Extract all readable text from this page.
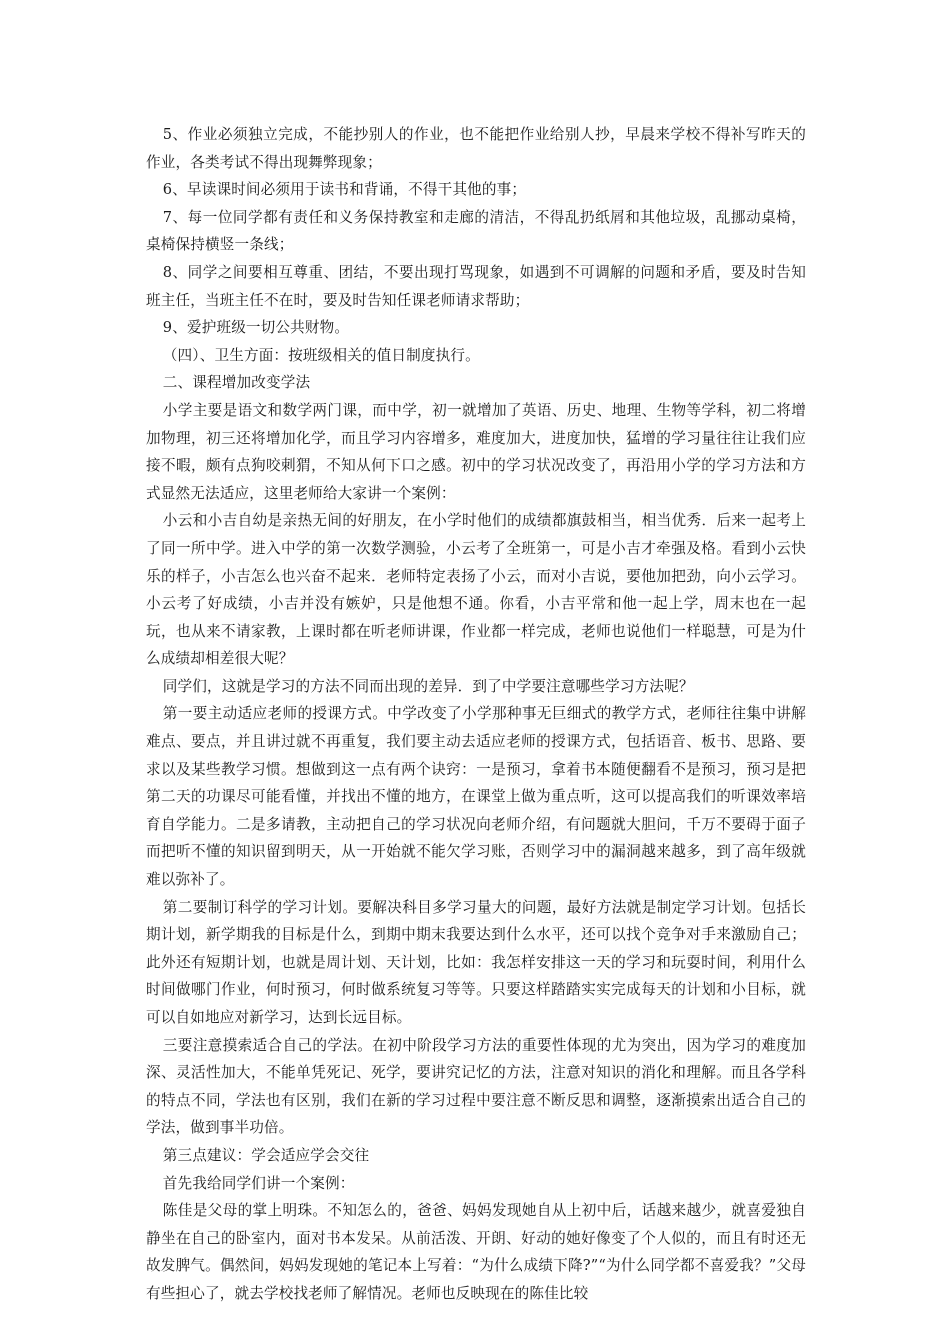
5、作业必须独立完成，不能抄别人的作业，也不能把作业给别人抄，早晨来学校不得补写昨天的作业，各类考试不得出现舞弊现象；

6、早读课时间必须用于读书和背诵，不得干其他的事；

7、每一位同学都有责任和义务保持教室和走廊的清洁，不得乱扔纸屑和其他垃圾，乱挪动桌椅，桌椅保持横竖一条线；

8、同学之间要相互尊重、团结，不要出现打骂现象，如遇到不可调解的问题和矛盾，要及时告知班主任，当班主任不在时，要及时告知任课老师请求帮助；

9、爱护班级一切公共财物。

（四）、卫生方面：按班级相关的值日制度执行。

二、课程增加改变学法

小学主要是语文和数学两门课，而中学，初一就增加了英语、历史、地理、生物等学科，初二将增加物理，初三还将增加化学，而且学习内容增多，难度加大，进度加快，猛增的学习量往往让我们应接不暇，颇有点狗咬刺猬，不知从何下口之感。初中的学习状况改变了，再沿用小学的学习方法和方式显然无法适应，这里老师给大家讲一个案例：

小云和小吉自幼是亲热无间的好朋友，在小学时他们的成绩都旗鼓相当，相当优秀．后来一起考上了同一所中学。进入中学的第一次数学测验，小云考了全班第一，可是小吉才牵强及格。看到小云快乐的样子，小吉怎么也兴奋不起来．老师特定表扬了小云，而对小吉说，要他加把劲，向小云学习。小云考了好成绩，小吉并没有嫉妒，只是他想不通。你看，小吉平常和他一起上学，周末也在一起玩，也从来不请家教，上课时都在听老师讲课，作业都一样完成，老师也说他们一样聪慧，可是为什么成绩却相差很大呢？

同学们，这就是学习的方法不同而出现的差异．到了中学要注意哪些学习方法呢？

第一要主动适应老师的授课方式。中学改变了小学那种事无巨细式的教学方式，老师往往集中讲解难点、要点，并且讲过就不再重复，我们要主动去适应老师的授课方式，包括语音、板书、思路、要求以及某些教学习惯。想做到这一点有两个诀窍：一是预习，拿着书本随便翻看不是预习，预习是把第二天的功课尽可能看懂，并找出不懂的地方，在课堂上做为重点听，这可以提高我们的听课效率培育自学能力。二是多请教，主动把自己的学习状况向老师介绍，有问题就大胆问，千万不要碍于面子而把听不懂的知识留到明天，从一开始就不能欠学习账，否则学习中的漏洞越来越多，到了高年级就难以弥补了。

第二要制订科学的学习计划。要解决科目多学习量大的问题，最好方法就是制定学习计划。包括长期计划，新学期我的目标是什么，到期中期末我要达到什么水平，还可以找个竞争对手来激励自己；此外还有短期计划，也就是周计划、天计划，比如：我怎样安排这一天的学习和玩耍时间，利用什么时间做哪门作业，何时预习，何时做系统复习等等。只要这样踏踏实实完成每天的计划和小目标，就可以自如地应对新学习，达到长远目标。

三要注意摸索适合自己的学法。在初中阶段学习方法的重要性体现的尤为突出，因为学习的难度加深、灵活性加大，不能单凭死记、死学，要讲究记忆的方法，注意对知识的消化和理解。而且各学科的特点不同，学法也有区别，我们在新的学习过程中要注意不断反思和调整，逐渐摸索出适合自己的学法，做到事半功倍。

第三点建议：学会适应学会交往

首先我给同学们讲一个案例：

陈佳是父母的掌上明珠。不知怎么的，爸爸、妈妈发现她自从上初中后，话越来越少，就喜爱独自静坐在自己的卧室内，面对书本发呆。从前活泼、开朗、好动的她好像变了个人似的，而且有时还无故发脾气。偶然间，妈妈发现她的笔记本上写着：“为什么成绩下降?”“为什么同学都不喜爱我？”父母有些担心了，就去学校找老师了解情况。老师也反映现在的陈佳比较
